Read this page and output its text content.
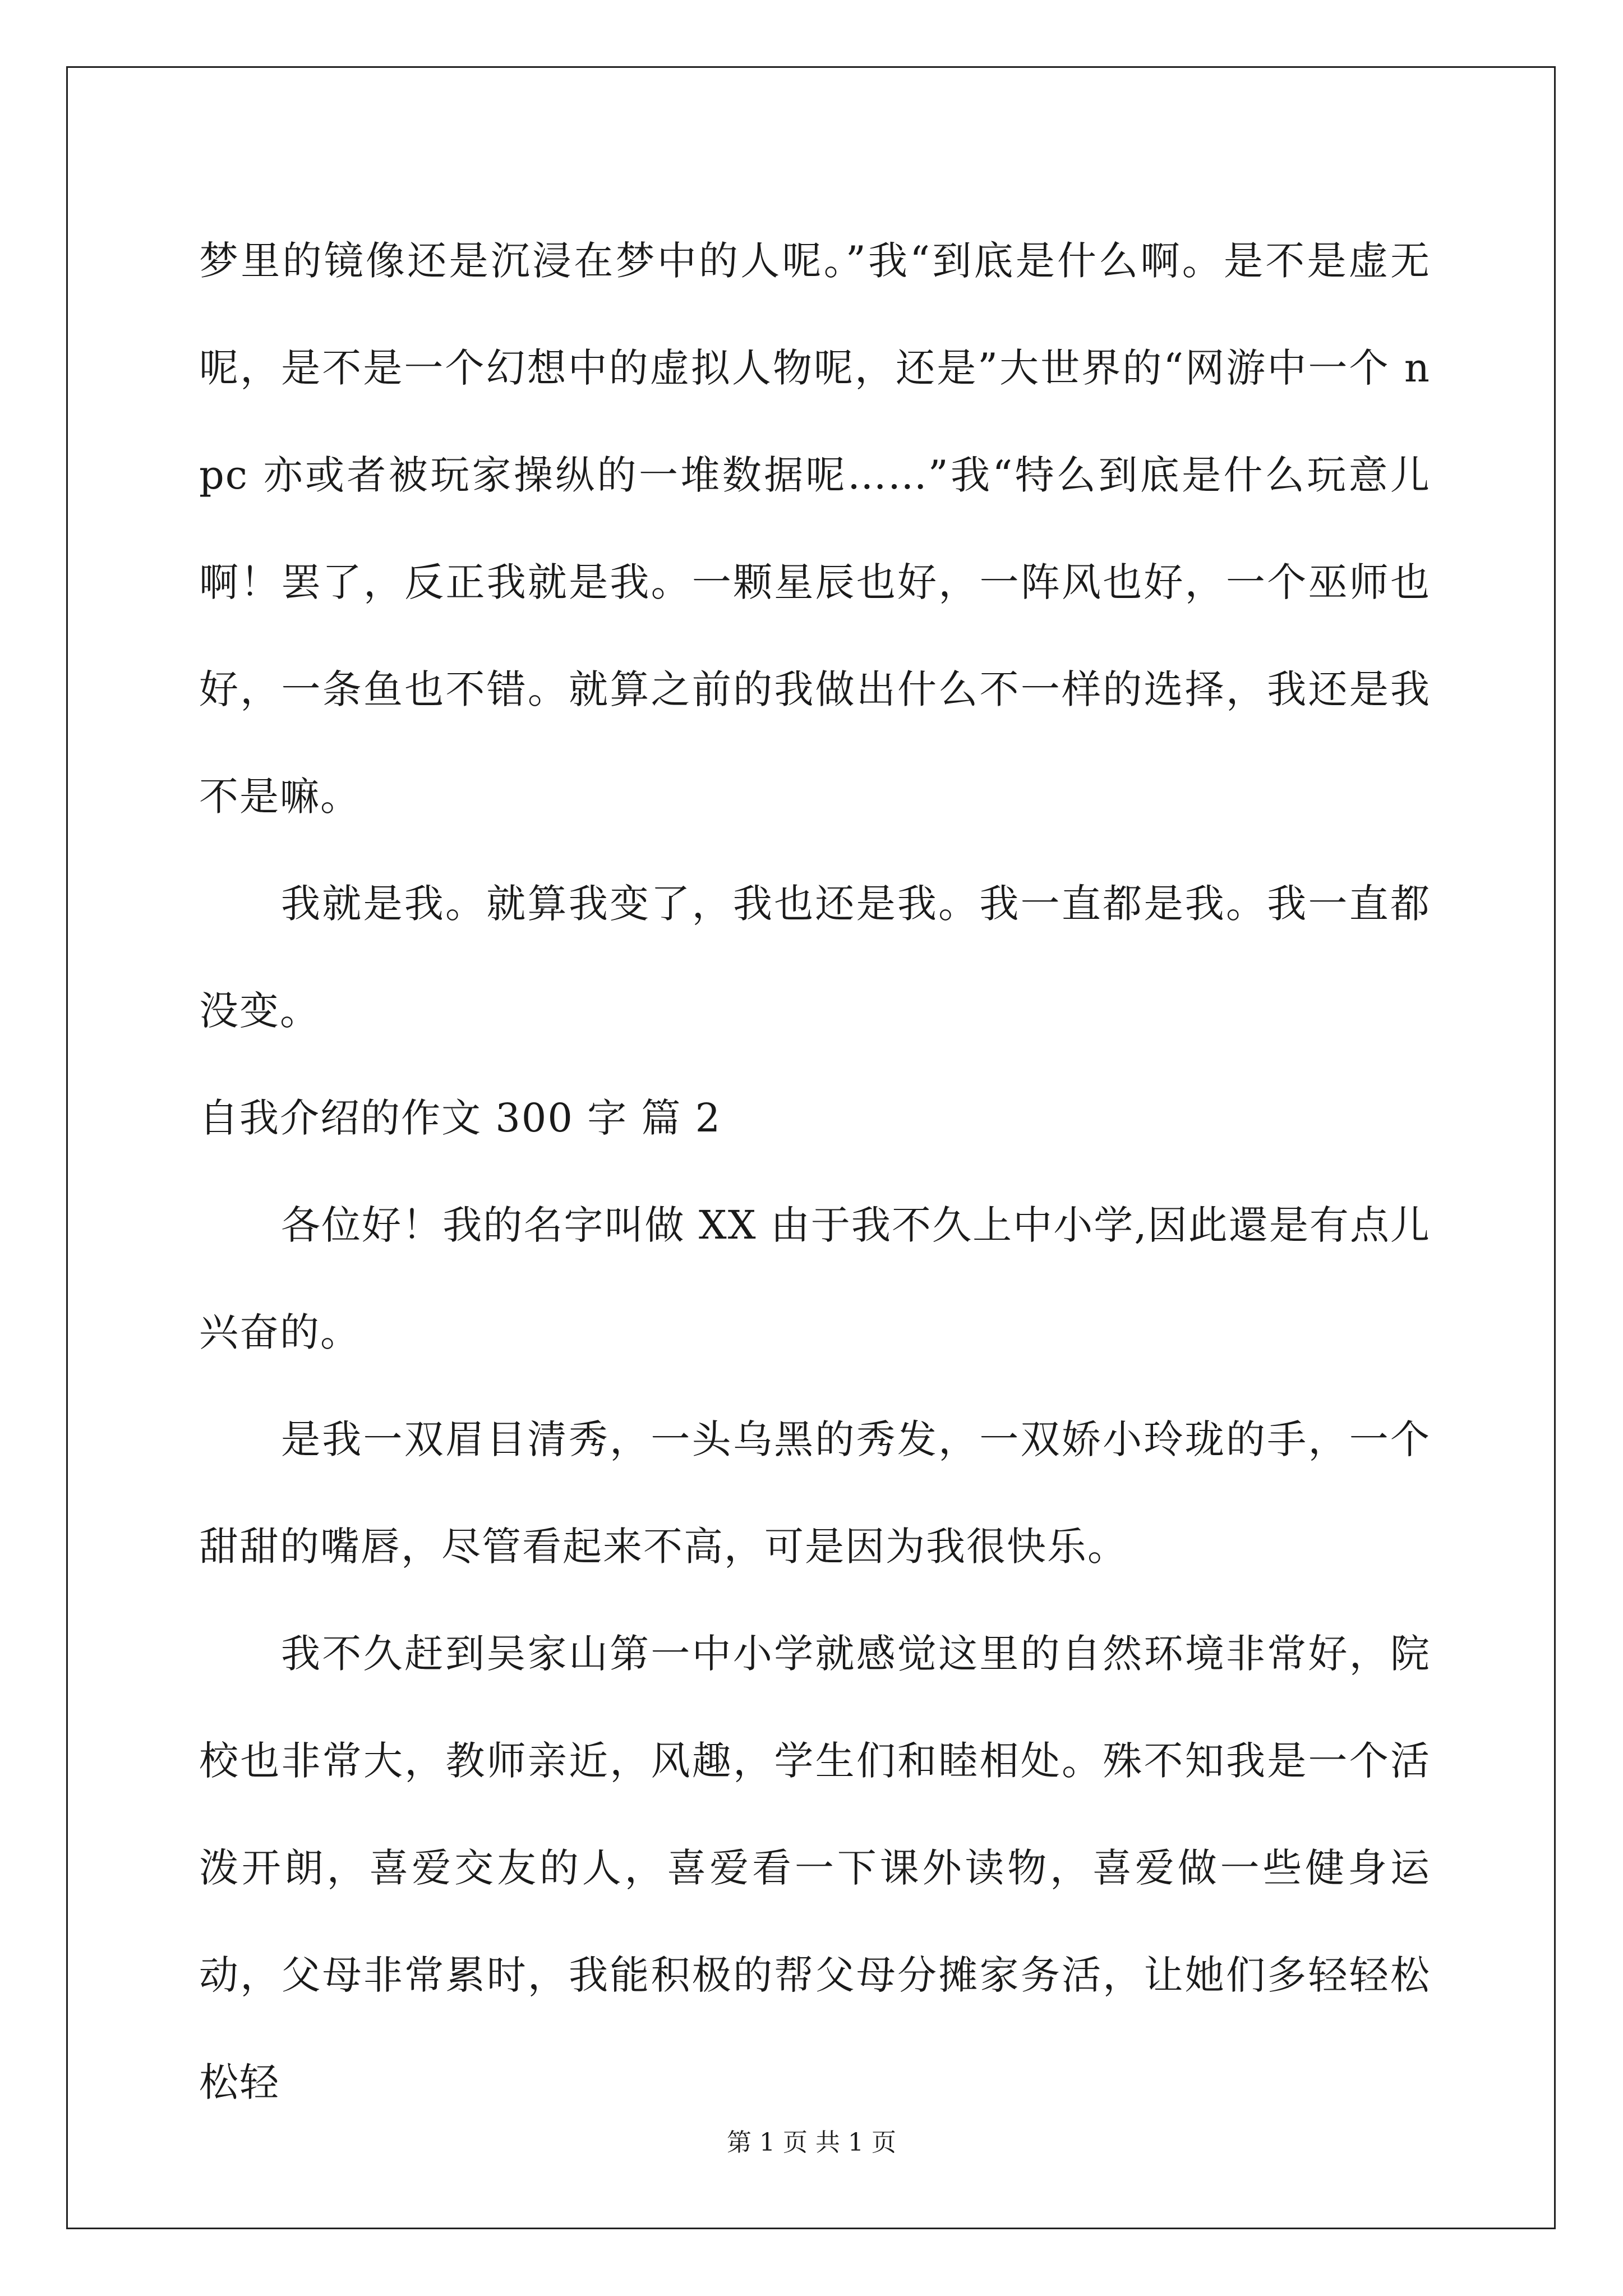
梦里的镜像还是沉浸在梦中的人呢。”我“到底是什么啊。是不是虚无呢，是不是一个幻想中的虚拟人物呢，还是”大世界的“网游中一个 npc 亦或者被玩家操纵的一堆数据呢……”我“特么到底是什么玩意儿啊！罢了，反正我就是我。一颗星辰也好，一阵风也好，一个巫师也好，一条鱼也不错。就算之前的我做出什么不一样的选择，我还是我不是嘛。

我就是我。就算我变了，我也还是我。我一直都是我。我一直都没变。

自我介绍的作文 300 字 篇 2

各位好！我的名字叫做 XX 由于我不久上中小学,因此還是有点儿兴奋的。

是我一双眉目清秀，一头乌黑的秀发，一双娇小玲珑的手，一个甜甜的嘴唇，尽管看起来不高，可是因为我很快乐。

我不久赶到吴家山第一中小学就感觉这里的自然环境非常好，院校也非常大，教师亲近，风趣，学生们和睦相处。殊不知我是一个活泼开朗，喜爱交友的人，喜爱看一下课外读物，喜爱做一些健身运动，父母非常累时，我能积极的帮父母分摊家务活，让她们多轻轻松松轻

第 1 页 共 1 页
